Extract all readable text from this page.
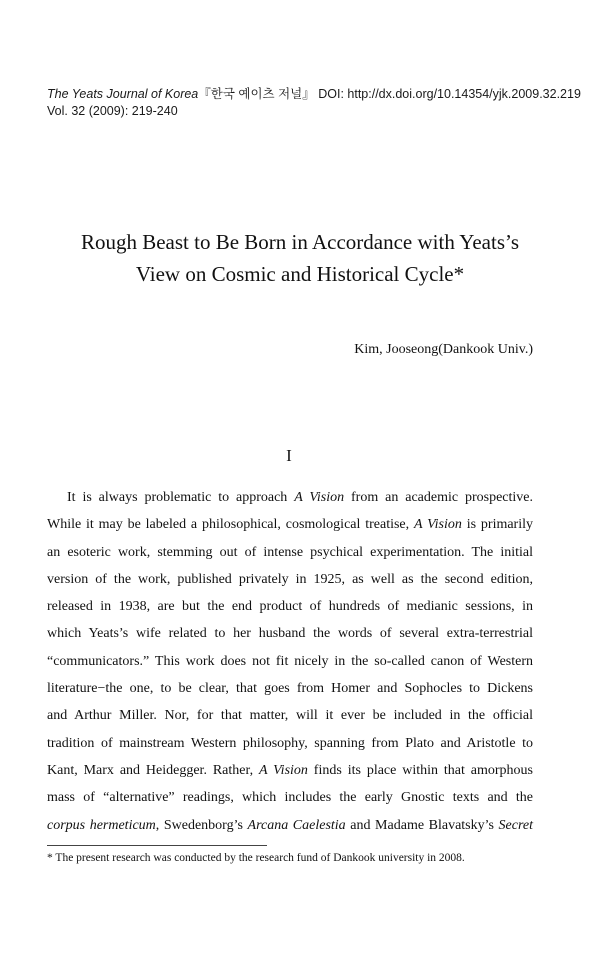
The Yeats Journal of Korea『한국 예이츠 저널』 DOI: http://dx.doi.org/10.14354/yjk.2009.32.219
Vol. 32 (2009): 219-240
Rough Beast to Be Born in Accordance with Yeats’s
View on Cosmic and Historical Cycle*
Kim, Jooseong(Dankook Univ.)
I
It is always problematic to approach A Vision from an academic prospective.
While it may be labeled a philosophical, cosmological treatise, A Vision is primarily
an esoteric work, stemming out of intense psychical experimentation. The initial
version of the work, published privately in 1925, as well as the second edition,
released in 1938, are but the end product of hundreds of medianic sessions, in
which Yeats’s wife related to her husband the words of several extra-terrestrial
“communicators.” This work does not fit nicely in the so-called canon of Western
literature−the one, to be clear, that goes from Homer and Sophocles to Dickens
and Arthur Miller. Nor, for that matter, will it ever be included in the official
tradition of mainstream Western philosophy, spanning from Plato and Aristotle to
Kant, Marx and Heidegger. Rather, A Vision finds its place within that amorphous
mass of “alternative” readings, which includes the early Gnostic texts and the
corpus hermeticum, Swedenborg’s Arcana Caelestia and Madame Blavatsky’s Secret
* The present research was conducted by the research fund of Dankook university in 2008.
